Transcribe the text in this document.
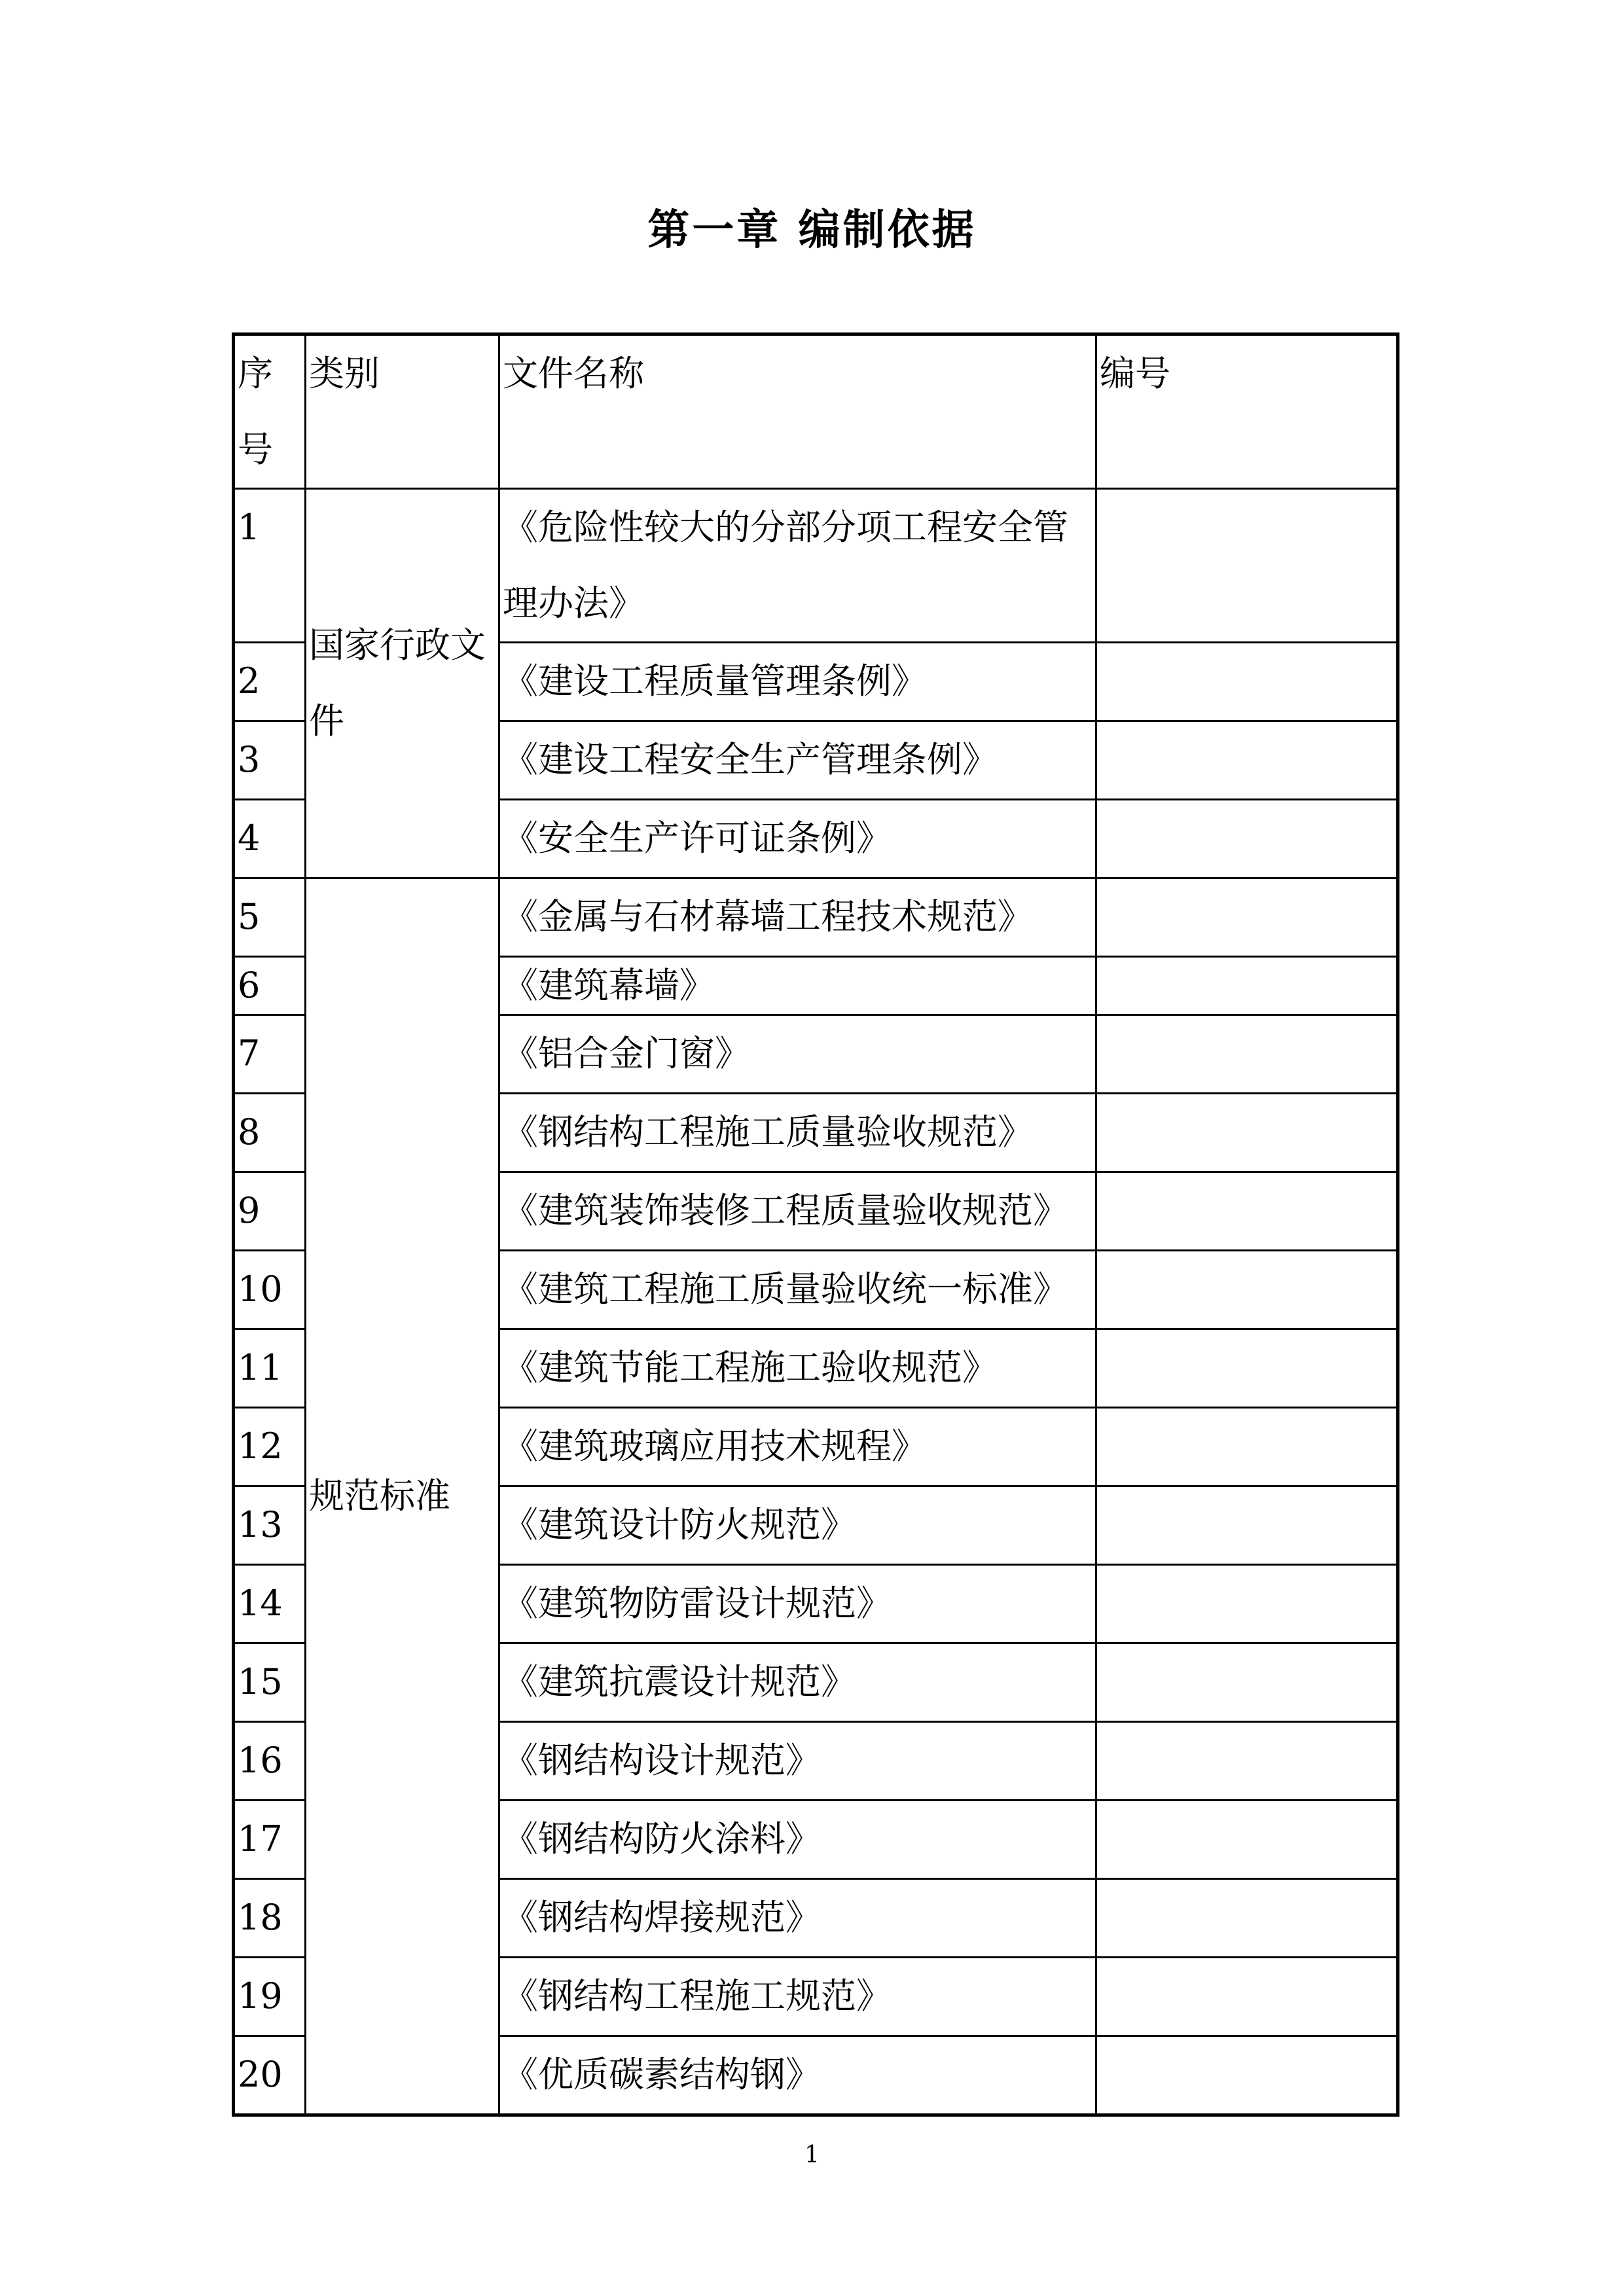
第一章 编制依据
序号	类别	文件名称	编号
1	国家行政文件	《危险性较大的分部分项工程安全管理办法》	
2		《建设工程质量管理条例》	
3		《建设工程安全生产管理条例》	
4		《安全生产许可证条例》	
5	规范标准	《金属与石材幕墙工程技术规范》	
6		《建筑幕墙》	
7		《铝合金门窗》	
8		《钢结构工程施工质量验收规范》	
9		《建筑装饰装修工程质量验收规范》	
10		《建筑工程施工质量验收统一标准》	
11		《建筑节能工程施工验收规范》	
12		《建筑玻璃应用技术规程》	
13		《建筑设计防火规范》	
14		《建筑物防雷设计规范》	
15		《建筑抗震设计规范》	
16		《钢结构设计规范》	
17		《钢结构防火涂料》	
18		《钢结构焊接规范》	
19		《钢结构工程施工规范》	
20		《优质碳素结构钢》	
1
